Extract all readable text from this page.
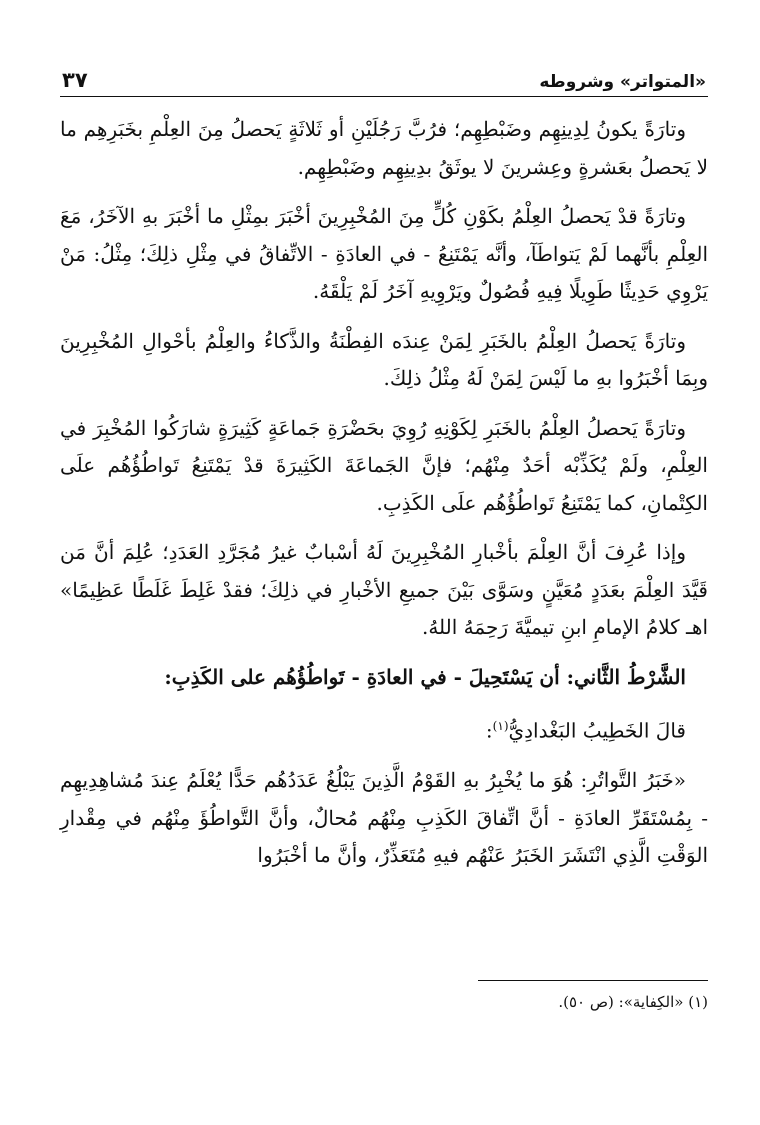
«المتواتر» وشروطه
٣٧

وتارَةً يكونُ لِدِينِهِم وضَبْطِهِم؛ فرُبَّ رَجُلَيْنِ أو ثَلاثَةٍ يَحصلُ مِنَ العِلْمِ بخَبَرِهِم ما لا يَحصلُ بعَشرةٍ وعِشرينَ لا يوثَقُ بدِينِهِم وضَبْطِهِم.

وتارَةً قدْ يَحصلُ العِلْمُ بكَوْنِ كُلٍّ مِنَ المُخْبِرِينَ أخْبَرَ بمِثْلِ ما أخْبَرَ بهِ الآخَرُ، مَعَ العِلْمِ بأنَّهما لَمْ يَتواطَآ، وأنَّه يَمْتَنِعُ - في العادَةِ - الاتِّفاقُ في مِثْلِ ذلِكَ؛ مِثْلُ: مَنْ يَرْوِي حَدِيثًا طَوِيلًا فِيهِ فُصُولٌ ويَرْوِيهِ آخَرُ لَمْ يَلْقَهُ.

وتارَةً يَحصلُ العِلْمُ بالخَبَرِ لِمَنْ عِندَه الفِطْنَةُ والذَّكاءُ والعِلْمُ بأحْوالِ المُخْبِرِينَ وبِمَا أخْبَرُوا بهِ ما لَيْسَ لِمَنْ لَهُ مِثْلُ ذلِكَ.

وتارَةً يَحصلُ العِلْمُ بالخَبَرِ لِكَوْنِهِ رُوِيَ بحَضْرَةِ جَماعَةٍ كَثِيرَةٍ شارَكُوا المُخْبِرَ في العِلْمِ، ولَمْ يُكَذِّبْه أحَدٌ مِنْهُم؛ فإنَّ الجَماعَةَ الكَثِيرَةَ قدْ يَمْتَنِعُ تَواطُؤُهُم علَى الكِتْمانِ، كما يَمْتَنِعُ تَواطُؤُهُم علَى الكَذِبِ.

وإذا عُرِفَ أنَّ العِلْمَ بأخْبارِ المُخْبِرِينَ لَهُ أسْبابٌ غيرُ مُجَرَّدِ العَدَدِ؛ عُلِمَ أنَّ مَن قَيَّدَ العِلْمَ بعَدَدٍ مُعَيَّنٍ وسَوَّى بَيْنَ جميعِ الأخْبارِ في ذلِكَ؛ فقدْ غَلِطَ غَلَطًا عَظِيمًا» اهـ كلامُ الإمامِ ابنِ تيميَّةَ رَحِمَهُ اللهُ.

الشَّرْطُ الثَّاني: أن يَسْتَحِيلَ - في العادَةِ - تَواطُؤُهُم على الكَذِبِ:

قالَ الخَطِيبُ البَغْدادِيُّ$^{(١)}$:

«خَبَرُ التَّواتُرِ: هُوَ ما يُخْبِرُ بهِ القَوْمُ الَّذِينَ يَبْلُغُ عَدَدُهُم حَدًّا يُعْلَمُ عِندَ مُشاهِدِيهِم - بِمُسْتَقَرِّ العادَةِ - أنَّ اتِّفاقَ الكَذِبِ مِنْهُم مُحالٌ، وأنَّ التَّواطُؤَ مِنْهُم في مِقْدارِ الوَقْتِ الَّذِي انْتَشَرَ الخَبَرُ عَنْهُم فيهِ مُتَعَذِّرٌ، وأنَّ ما أخْبَرُوا

(١) «الكِفاية»: (ص ٥٠).
